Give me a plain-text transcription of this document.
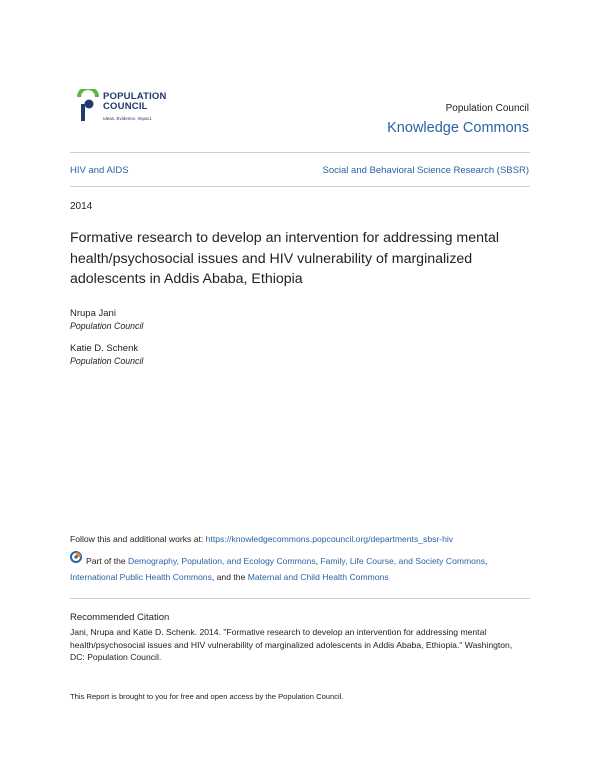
POPULATION
COUNCIL
Ideas. Evidence. Impact.
Population Council
Knowledge Commons
HIV and AIDS	Social and Behavioral Science Research (SBSR)
2014
Formative research to develop an intervention for addressing mental health/psychosocial issues and HIV vulnerability of marginalized adolescents in Addis Ababa, Ethiopia
Nrupa Jani
Population Council
Katie D. Schenk
Population Council
Follow this and additional works at: https://knowledgecommons.popcouncil.org/departments_sbsr-hiv
Part of the Demography, Population, and Ecology Commons, Family, Life Course, and Society Commons, International Public Health Commons, and the Maternal and Child Health Commons
Recommended Citation
Jani, Nrupa and Katie D. Schenk. 2014. "Formative research to develop an intervention for addressing mental health/psychosocial issues and HIV vulnerability of marginalized adolescents in Addis Ababa, Ethiopia." Washington, DC: Population Council.
This Report is brought to you for free and open access by the Population Council.
